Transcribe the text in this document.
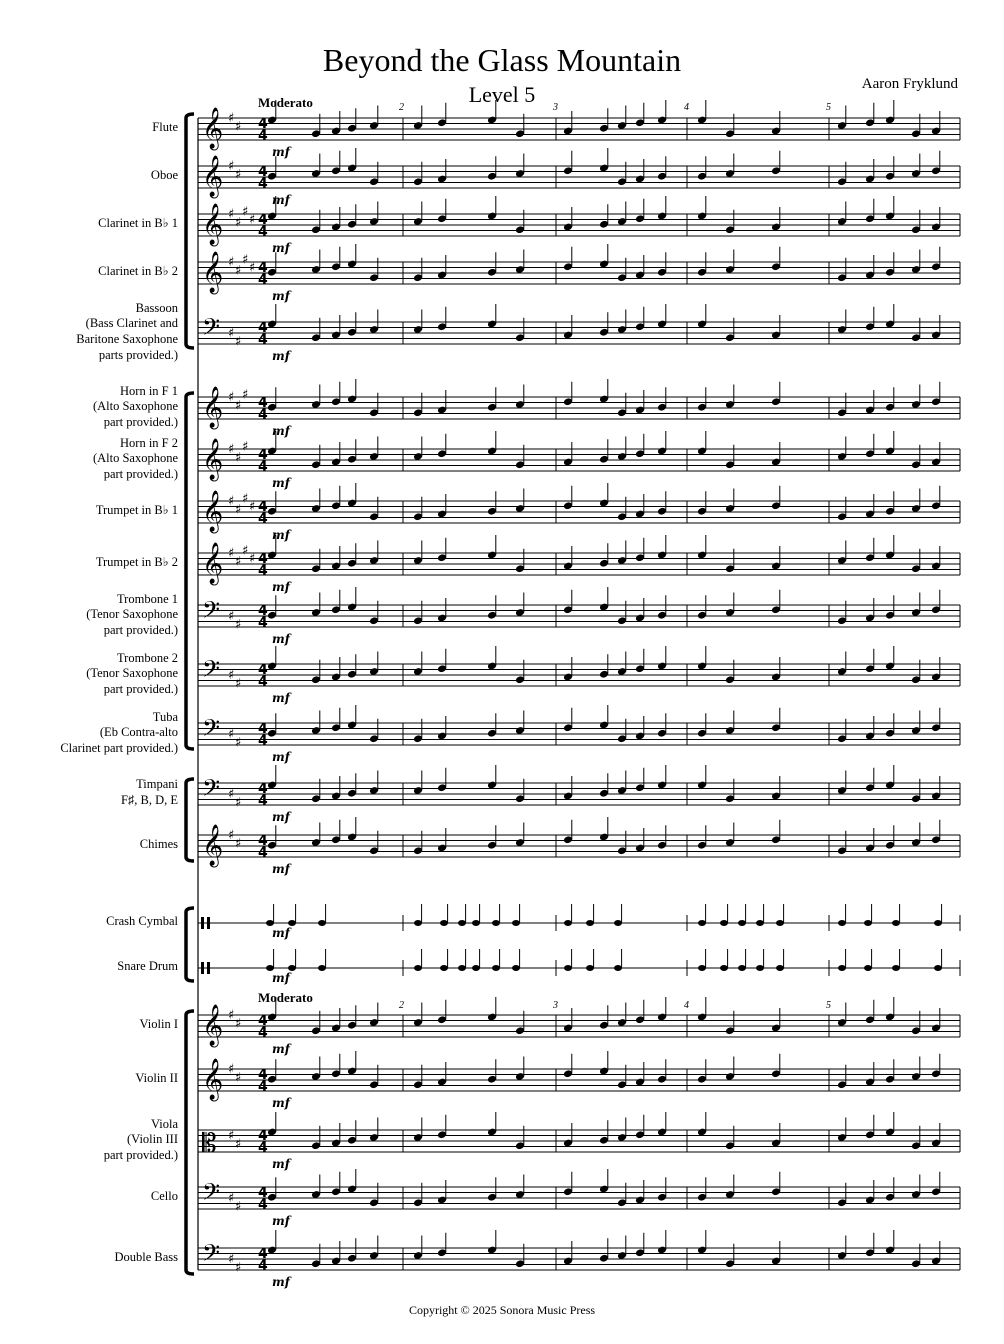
Beyond the Glass Mountain
Level 5	Aaron Fryklund
Moderato
Moderato
2	3	4	5
2	3	4	5
𝄞 ♯
♯ 4
4
𝄞 ♯
♯ 4
4
𝄞 ♯
♯
♯
♯ 4
4
𝄞 ♯
♯
♯
♯ 4
4
𝄢 ♯
♯
4
4
𝄞 ♯
♯
♯
4
4
𝄞 ♯
♯
♯
4
4
𝄞 ♯
♯
♯
♯ 4
4
𝄞 ♯
♯
♯
♯ 4
4
𝄢 ♯
♯
4
4
𝄢 ♯
♯
4
4
𝄢 ♯
♯
4
4
𝄢 ♯
♯
4
4
𝄞 ♯
♯ 4
4
𝄞 ♯
♯ 4
4
𝄞 ♯
♯ 4
4
𝄡 ♯
♯
4
4
𝄢 ♯
♯
4
4
𝄢 ♯
♯
4
4
Flute
Oboe
Clarinet in B♭ 1
Clarinet in B♭ 2
Bassoon
(Bass Clarinet and
Baritone Saxophone
parts provided.)
Horn in F 1
(Alto Saxophone
part provided.)
Horn in F 2
(Alto Saxophone
part provided.)
Trumpet in B♭ 1
Trumpet in B♭ 2
Trombone 1
(Tenor Saxophone
part provided.)
Trombone 2
(Tenor Saxophone
part provided.)
Tuba
(Eb Contra-alto
Clarinet part provided.)
Timpani
F♯, B, D, E
Chimes
Crash Cymbal
Snare Drum
Violin I
Violin II
Viola
(Violin III
part provided.)
Cello
Double Bass
mf
mf
mf
mf
mf
mf
mf
mf
mf
mf
mf
mf
mf
mf
mf
mf
mf
mf
mf
mf
mf
Copyright © 2025 Sonora Music Press
